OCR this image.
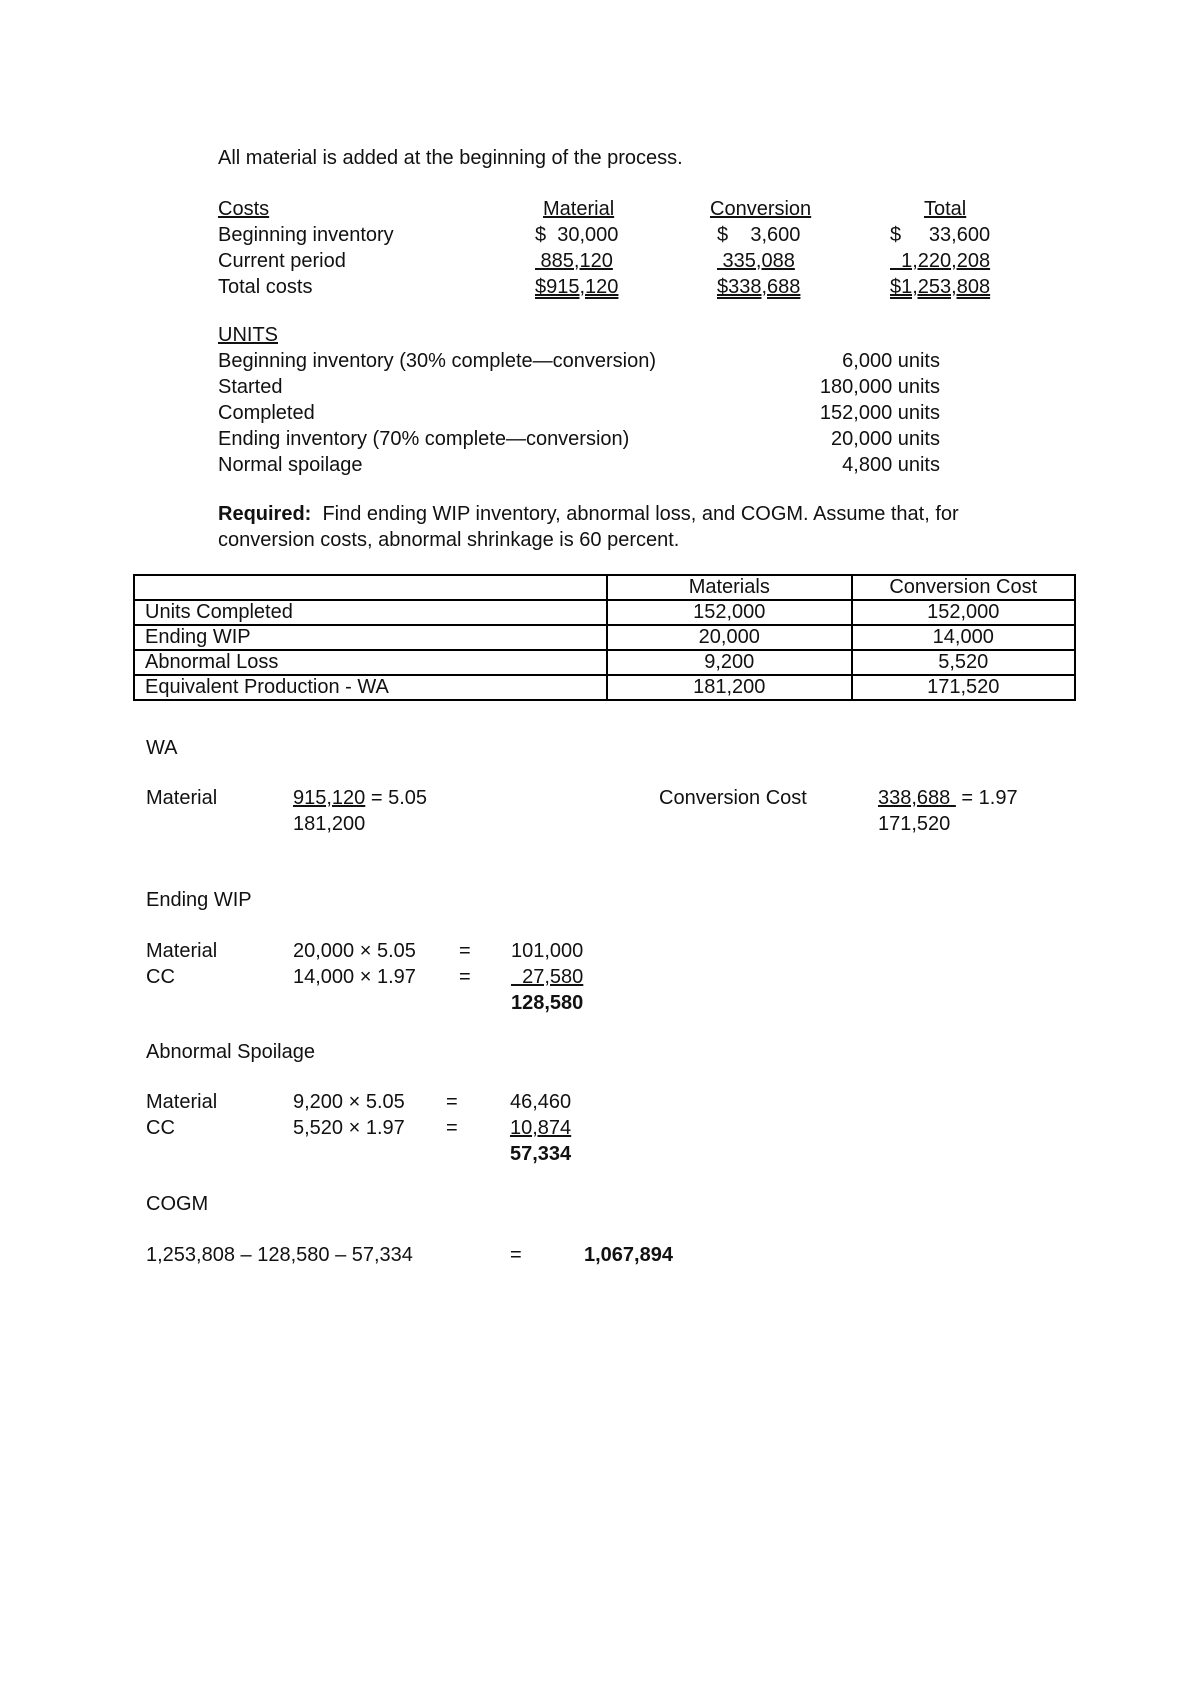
All material is added at the beginning of the process.
Costs	Material	Conversion	Total
Beginning inventory	$  30,000	$    3,600	$     33,600
Current period	885,120	335,088	1,220,208
Total costs	$915,120	$338,688	$1,253,808
UNITS
Beginning inventory (30% complete—conversion)	6,000 units
Started	180,000 units
Completed	152,000 units
Ending inventory (70% complete—conversion)	20,000 units
Normal spoilage	4,800 units
Required: Find ending WIP inventory, abnormal loss, and COGM. Assume that, for
conversion costs, abnormal shrinkage is 60 percent.
	Materials	Conversion Cost
Units Completed	152,000	152,000
Ending WIP	20,000	14,000
Abnormal Loss	9,200	5,520
Equivalent Production - WA	181,200	171,520
WA
Material	915,120 = 5.05
181,200
Conversion Cost	338,688  = 1.97
171,520
Ending WIP
Material	20,000 × 5.05 = 101,000
CC	14,000 × 1.97 = 27,580
128,580
Abnormal Spoilage
Material	9,200 × 5.05 =	46,460
CC	5,520 × 1.97 =	10,874
57,334
COGM
1,253,808 – 128,580 – 57,334	=	1,067,894
